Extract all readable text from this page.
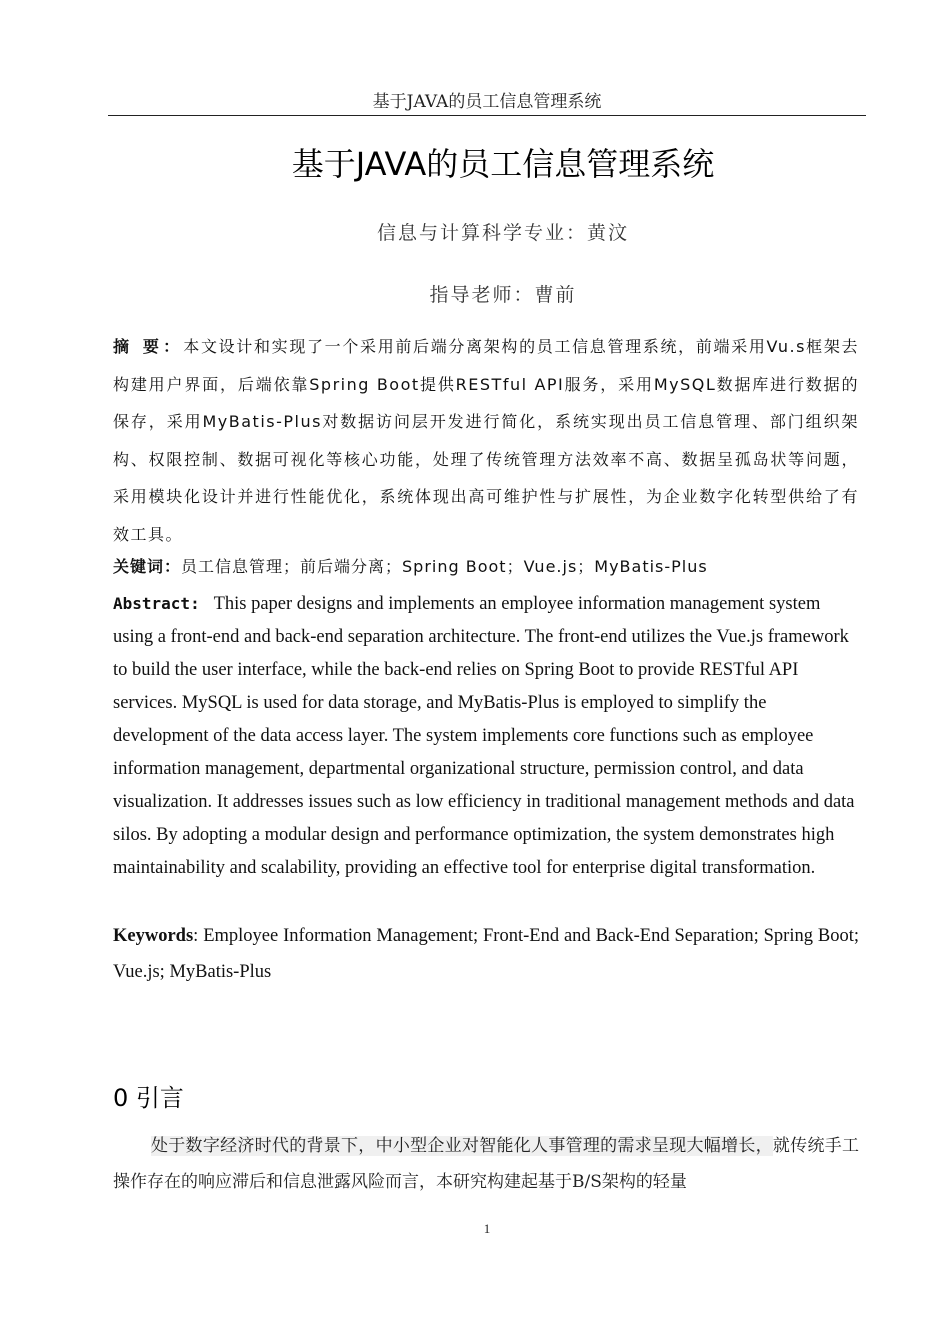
基于JAVA的员工信息管理系统
基于JAVA的员工信息管理系统
信息与计算科学专业：黄汶
指导老师：曹前

摘 要：本文设计和实现了一个采用前后端分离架构的员工信息管理系统，前端采用Vu.s框架去构建用户界面，后端依靠Spring Boot提供RESTful API服务，采用MySQL数据库进行数据的保存，采用MyBatis-Plus对数据访问层开发进行简化，系统实现出员工信息管理、部门组织架构、权限控制、数据可视化等核心功能，处理了传统管理方法效率不高、数据呈孤岛状等问题，采用模块化设计并进行性能优化，系统体现出高可维护性与扩展性，为企业数字化转型供给了有效工具。

关键词：员工信息管理；前后端分离；Spring Boot；Vue.js；MyBatis-Plus

Abstract: This paper designs and implements an employee information management system using a front-end and back-end separation architecture. The front-end utilizes the Vue.js framework to build the user interface, while the back-end relies on Spring Boot to provide RESTful API services. MySQL is used for data storage, and MyBatis-Plus is employed to simplify the development of the data access layer. The system implements core functions such as employee information management, departmental organizational structure, permission control, and data visualization. It addresses issues such as low efficiency in traditional management methods and data silos. By adopting a modular design and performance optimization, the system demonstrates high maintainability and scalability, providing an effective tool for enterprise digital transformation.

Keywords: Employee Information Management; Front-End and Back-End Separation; Spring Boot; Vue.js; MyBatis-Plus

0 引言

处于数字经济时代的背景下，中小型企业对智能化人事管理的需求呈现大幅增长，就传统手工操作存在的响应滞后和信息泄露风险而言，本研究构建起基于B/S架构的轻量

1
